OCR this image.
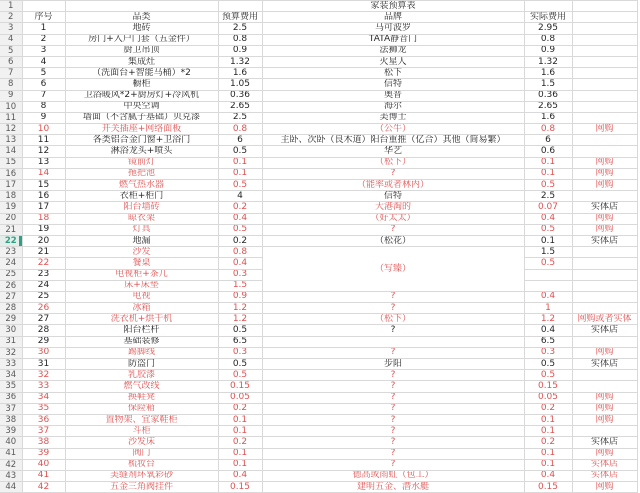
1				家装预算表		
2	序号	品类	预算费用	品牌	实际费用	
3	1	地砖	2.5	马可波罗	2.95	
4	2	房门+入户门套（五金件）	0.8	TATA静音门	0.8	
5	3	厨卫吊顶	0.9	法狮龙	0.9	
6	4	集成灶	1.32	火星人	1.32	
7	5	（洗面台+智能马桶）*2	1.6	松下	1.6	
8	6	橱柜	1.05	信特	1.5	
9	7	卫浴暖风*2+厨房灯+冷风机	0.36	奥普	0.36	
10	8	中央空调	2.65	海尔	2.65	
11	9	墙面（不含腻子基础）贝克漆	2.5	美博士	1.6	
12	10	开关插座+网络面板	0.8	（公牛）	0.8	网购
13	11	各类铝合金门窗+卫浴门	6	主卧、次卧（良木道）阳台重推（亿合）其他（简易繁）	6	
14	12	淋浴龙头+喷头	0.5	华艺	0.6	
15	13	镜前灯	0.1	（松下）	0.1	网购
16	14	拖把池	0.1	?	0.1	网购
17	15	燃气热水器	0.5	（能率或者林内）	0.5	网购
18	16	衣柜+柜门	4	信特	2.5	
19	17	阳台墙砖	0.2	大港淘的	0.07	实体店
20	18	晾衣架	0.4	（好太太）	0.4	网购
21	19	灯具	0.5	?	0.5	网购
22	20	地漏	0.2	（松花）	0.1	实体店
23	21	沙发	0.8	（写臻）	1.5	
24	22	餐桌	0.4		0.5	
25	23	电视柜+茶几	0.3			
26	24	床+床垫	1.5			
27	25	电视	0.9	?	0.4	
28	26	冰箱	1.2	?	1	
29	27	洗衣机+烘干机	1.2	（松下）	1.2	网购或者实体
30	28	阳台栏杆	0.5	?	0.4	实体店
31	29	基础装修	6.5		6.5	
32	30	踢脚线	0.3	?	0.3	网购
33	31	防盗门	0.5	步阳	0.5	实体店
34	32	乳胶漆	0.5	?	0.5	
35	33	燃气改线	0.15	?	0.15	
36	34	换鞋凳	0.05	?	0.05	网购
37	35	保险箱	0.2	?	0.2	网购
38	36	置物架、宜家鞋柜	0.1	?	0.1	网购
39	37	斗柜	0.1	?	0.1	
40	38	沙发床	0.2	?	0.2	实体店
41	39	阀门	0.1	?	0.1	网购
42	40	梳妆台	0.1	?	0.1	实体店
43	41	美缝剂环氧彩砂	0.4	德高或雨虹（包工）	0.4	实体店
44	42	五金三角阀挂件	0.15	建明五金、潜水艇	0.15	网购
